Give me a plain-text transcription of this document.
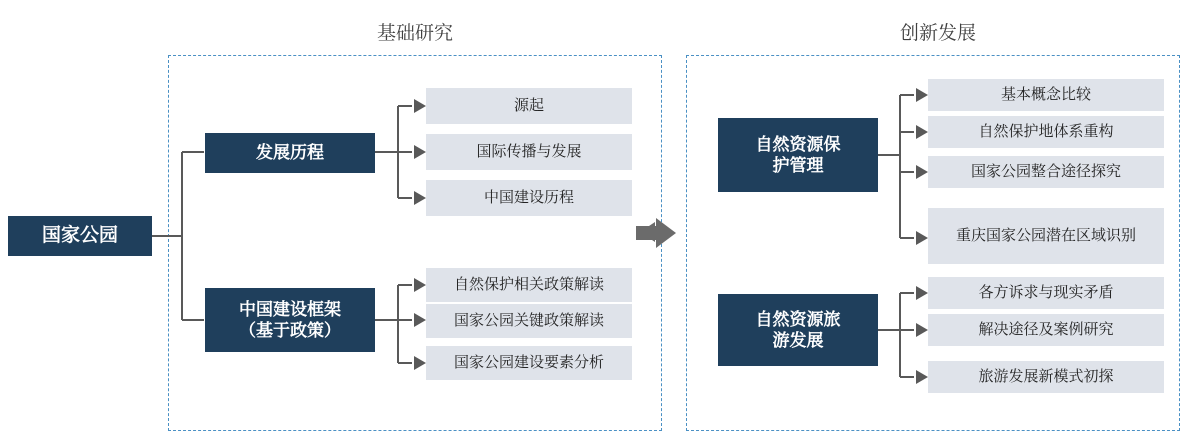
基础研究	创新发展
国家公园
发展历程
源起
国际传播与发展
中国建设历程
中国建设框架
（基于政策）
自然保护相关政策解读
国家公园关键政策解读
国家公园建设要素分析
自然资源保
护管理
基本概念比较
自然保护地体系重构
国家公园整合途径探究
重庆国家公园潜在区域识别
自然资源旅
游发展
各方诉求与现实矛盾
解决途径及案例研究
旅游发展新模式初探
